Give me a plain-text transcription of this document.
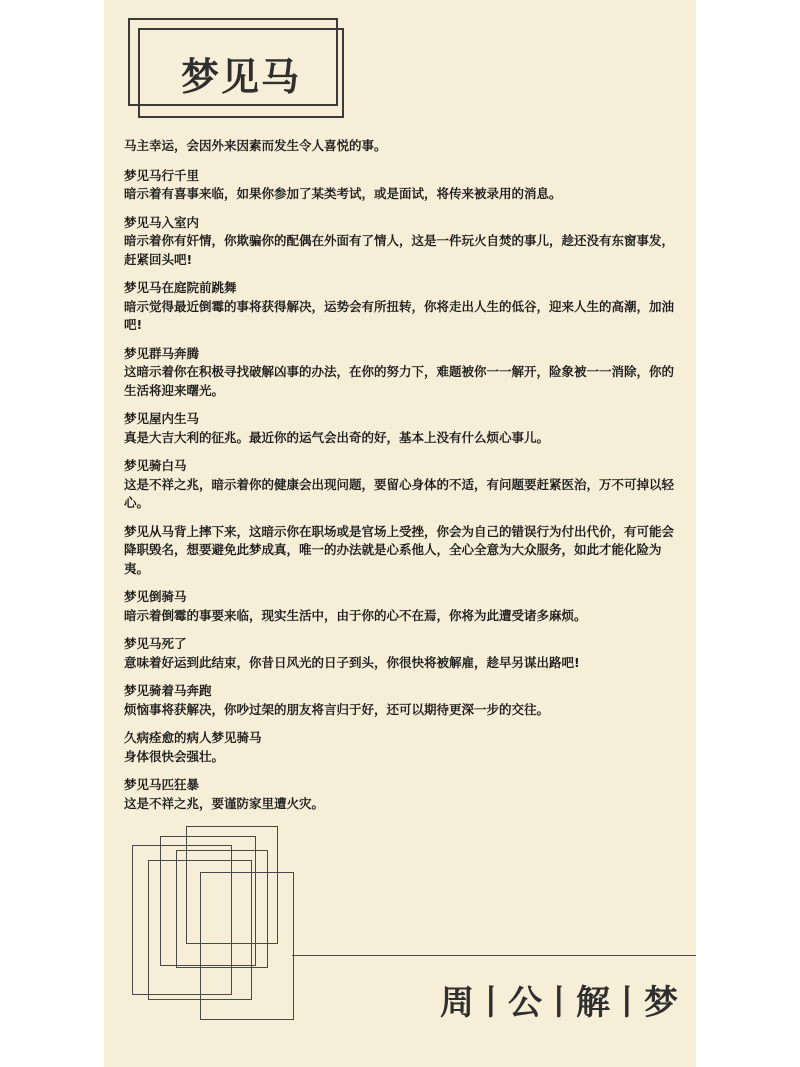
梦见马
马主幸运，会因外来因素而发生令人喜悦的事。
梦见马行千里
暗示着有喜事来临，如果你参加了某类考试，或是面试，将传来被录用的消息。
梦见马入室内
暗示着你有奸情，你欺骗你的配偶在外面有了情人，这是一件玩火自焚的事儿，趁还没有东窗事发，赶紧回头吧!
梦见马在庭院前跳舞
暗示觉得最近倒霉的事将获得解决，运势会有所扭转，你将走出人生的低谷，迎来人生的高潮，加油吧!
梦见群马奔腾
这暗示着你在积极寻找破解凶事的办法，在你的努力下，难题被你一一解开，险象被一一消除，你的生活将迎来曙光。
梦见屋内生马
真是大吉大利的征兆。最近你的运气会出奇的好，基本上没有什么烦心事儿。
梦见骑白马
这是不祥之兆，暗示着你的健康会出现问题，要留心身体的不适，有问题要赶紧医治，万不可掉以轻心。
梦见从马背上摔下来，这暗示你在职场或是官场上受挫，你会为自己的错误行为付出代价，有可能会降职毁名，想要避免此梦成真，唯一的办法就是心系他人，全心全意为大众服务，如此才能化险为夷。
梦见倒骑马
暗示着倒霉的事要来临，现实生活中，由于你的心不在焉，你将为此遭受诸多麻烦。
梦见马死了
意味着好运到此结束，你昔日风光的日子到头，你很快将被解雇，趁早另谋出路吧!
梦见骑着马奔跑
烦恼事将获解决，你吵过架的朋友将言归于好，还可以期待更深一步的交往。
久病痊愈的病人梦见骑马
身体很快会强壮。
梦见马匹狂暴
这是不祥之兆，要谨防家里遭火灾。
周丨公丨解丨梦
